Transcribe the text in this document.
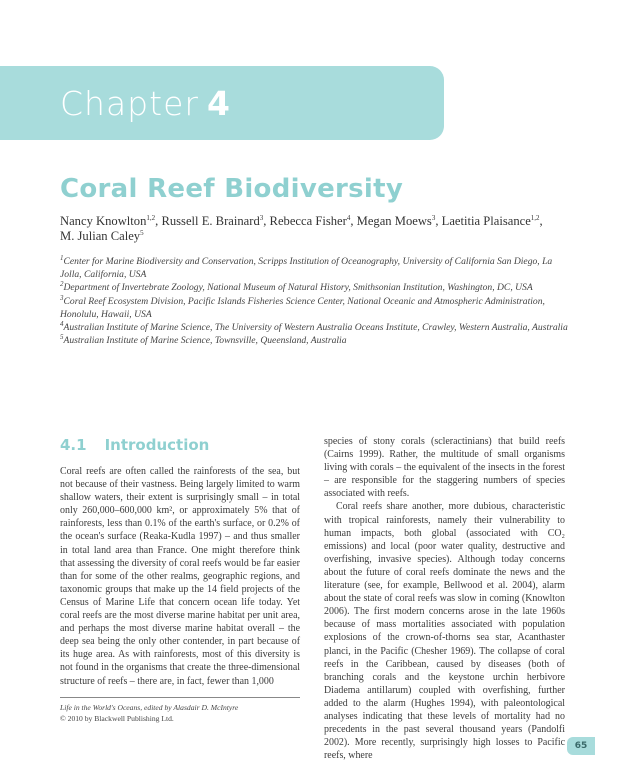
Chapter 4
Coral Reef Biodiversity
Nancy Knowlton$^{1,2}$, Russell E. Brainard$^3$, Rebecca Fisher$^4$, Megan Moews$^3$, Laetitia Plaisance$^{1,2}$,
M. Julian Caley$^5$
$^1$Center for Marine Biodiversity and Conservation, Scripps Institution of Oceanography, University of California San Diego, La Jolla, California, USA
$^2$Department of Invertebrate Zoology, National Museum of Natural History, Smithsonian Institution, Washington, DC, USA
$^3$Coral Reef Ecosystem Division, Pacific Islands Fisheries Science Center, National Oceanic and Atmospheric Administration, Honolulu, Hawaii, USA
$^4$Australian Institute of Marine Science, The University of Western Australia Oceans Institute, Crawley, Western Australia, Australia
$^5$Australian Institute of Marine Science, Townsville, Queensland, Australia
4.1 Introduction

Coral reefs are often called the rainforests of the sea, but not because of their vastness. Being largely limited to warm shallow waters, their extent is surprisingly small – in total only 260,000–600,000 km², or approximately 5% that of rainforests, less than 0.1% of the earth's surface, or 0.2% of the ocean's surface (Reaka-Kudla 1997) – and thus smaller in total land area than France. One might therefore think that assessing the diversity of coral reefs would be far easier than for some of the other realms, geographic regions, and taxonomic groups that make up the 14 field projects of the Census of Marine Life that concern ocean life today. Yet coral reefs are the most diverse marine habitat per unit area, and perhaps the most diverse marine habitat overall – the deep sea being the only other contender, in part because of its huge area. As with rainforests, most of this diversity is not found in the organisms that create the three-dimensional structure of reefs – there are, in fact, fewer than 1,000

species of stony corals (scleractinians) that build reefs (Cairns 1999). Rather, the multitude of small organisms living with corals – the equivalent of the insects in the forest – are responsible for the staggering numbers of species associated with reefs.

Coral reefs share another, more dubious, characteristic with tropical rainforests, namely their vulnerability to human impacts, both global (associated with CO₂ emissions) and local (poor water quality, destructive and overfishing, invasive species). Although today concerns about the future of coral reefs dominate the news and the literature (see, for example, Bellwood et al. 2004), alarm about the state of coral reefs was slow in coming (Knowlton 2006). The first modern concerns arose in the late 1960s because of mass mortalities associated with population explosions of the crown-of-thorns sea star, Acanthaster planci, in the Pacific (Chesher 1969). The collapse of coral reefs in the Caribbean, caused by diseases (both of branching corals and the keystone urchin herbivore Diadema antillarum) coupled with overfishing, further added to the alarm (Hughes 1994), with paleontological analyses indicating that these levels of mortality had no precedents in the past several thousand years (Pandolfi 2002). More recently, surprisingly high losses to Pacific reefs, where

Life in the World's Oceans, edited by Alasdair D. McIntyre
© 2010 by Blackwell Publishing Ltd.
65
